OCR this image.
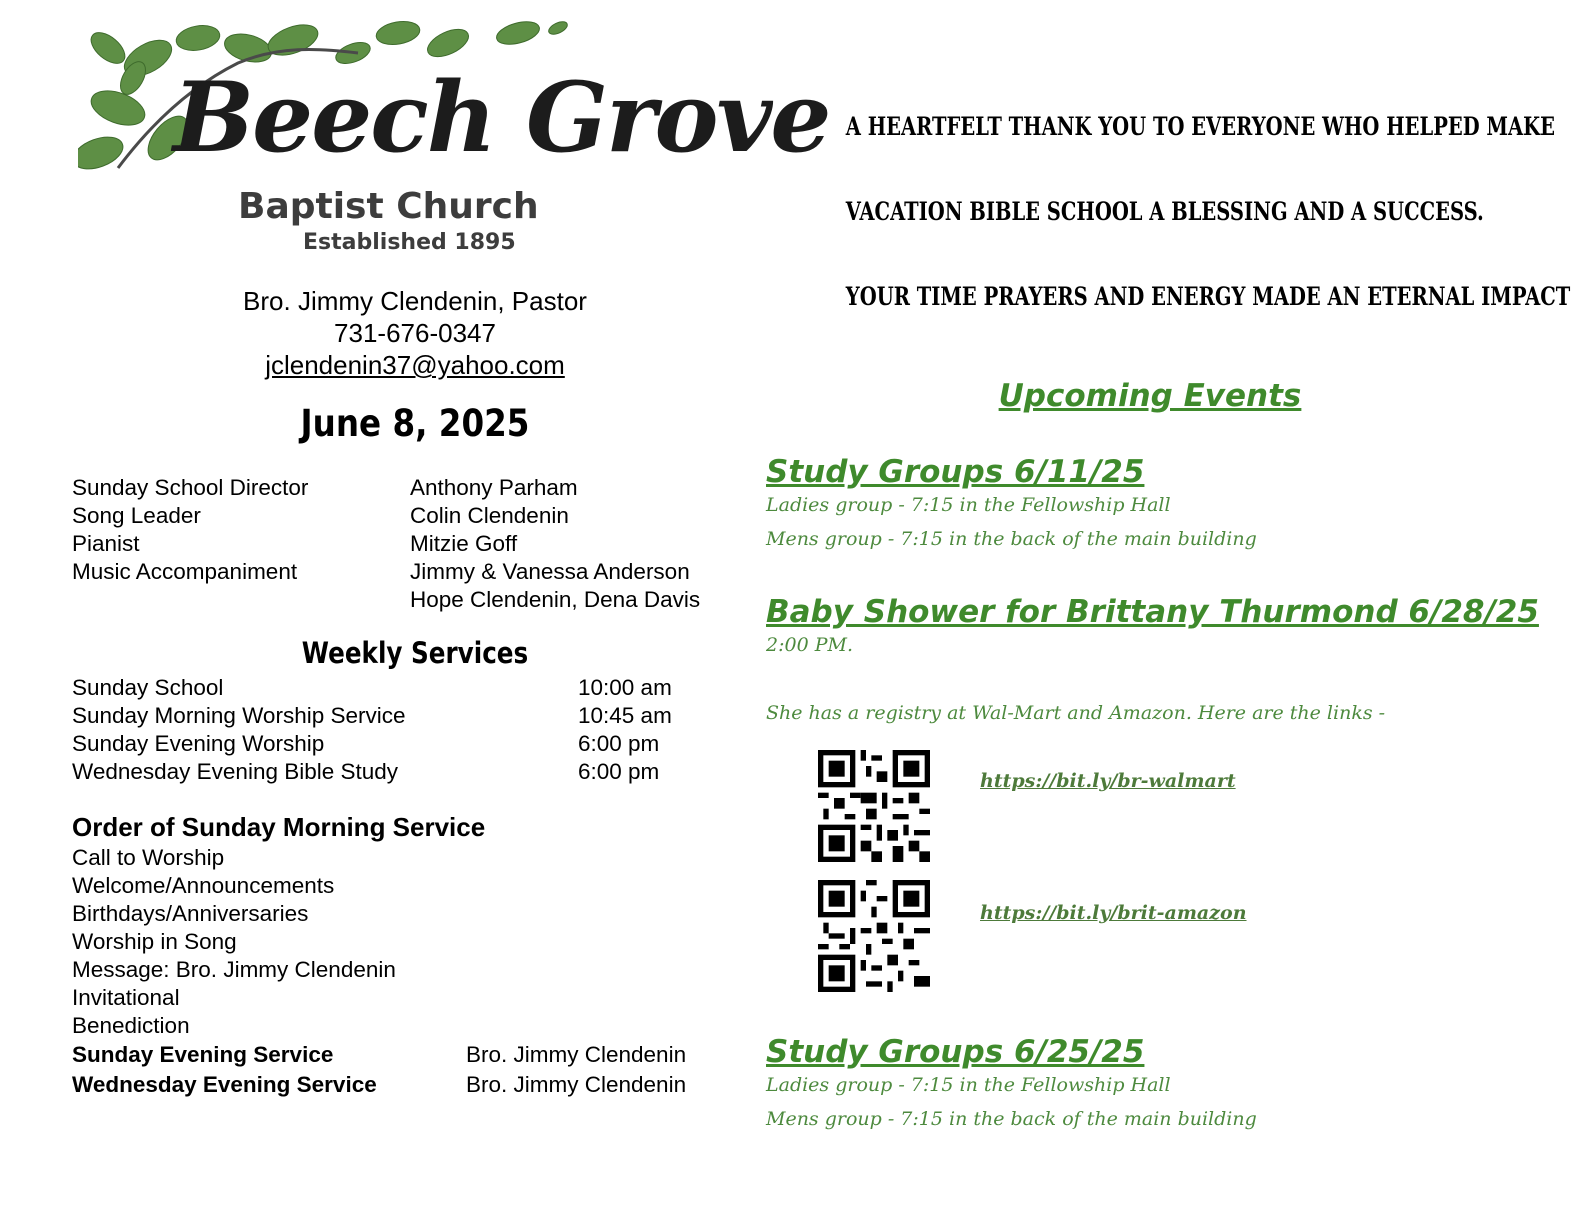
Beech Grove
Baptist Church
Established 1895
Bro. Jimmy Clendenin, Pastor
731-676-0347
jclendenin37@yahoo.com
June 8, 2025
Sunday School Director	Anthony Parham
Song Leader	Colin Clendenin
Pianist	Mitzie Goff
Music Accompaniment	Jimmy & Vanessa Anderson
Hope Clendenin, Dena Davis
Weekly Services
Sunday School	10:00 am
Sunday Morning Worship Service	10:45 am
Sunday Evening Worship	6:00 pm
Wednesday Evening Bible Study	6:00 pm
Order of Sunday Morning Service
Call to Worship
Welcome/Announcements
Birthdays/Anniversaries
Worship in Song
Message: Bro. Jimmy Clendenin
Invitational
Benediction
Sunday Evening Service	Bro. Jimmy Clendenin
Wednesday Evening Service	Bro. Jimmy Clendenin
A HEARTFELT THANK YOU TO EVERYONE WHO HELPED MAKE
VACATION BIBLE SCHOOL A BLESSING AND A SUCCESS.
YOUR TIME PRAYERS AND ENERGY MADE AN ETERNAL IMPACT
Upcoming Events
Study Groups 6/11/25
Ladies group - 7:15 in the Fellowship Hall
Mens group - 7:15 in the back of the main building
Baby Shower for Brittany Thurmond 6/28/25
2:00 PM.
She has a registry at Wal-Mart and Amazon. Here are the links -
https://bit.ly/br-walmart
https://bit.ly/brit-amazon
Study Groups 6/25/25
Ladies group - 7:15 in the Fellowship Hall
Mens group - 7:15 in the back of the main building
